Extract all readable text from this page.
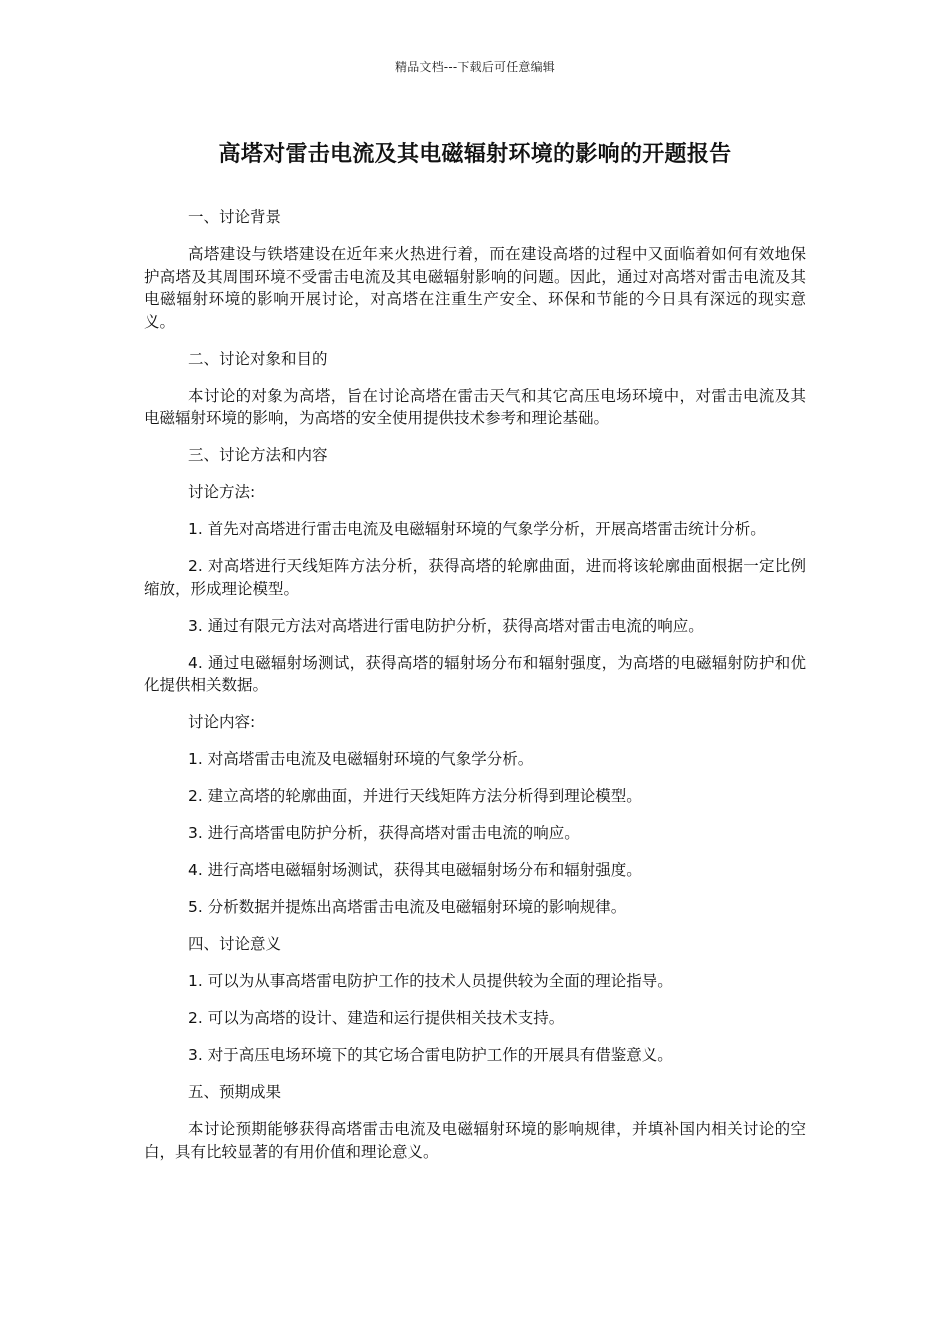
精品文档---下载后可任意编辑
高塔对雷击电流及其电磁辐射环境的影响的开题报告

一、讨论背景

高塔建设与铁塔建设在近年来火热进行着，而在建设高塔的过程中又面临着如何有效地保护高塔及其周围环境不受雷击电流及其电磁辐射影响的问题。因此，通过对高塔对雷击电流及其电磁辐射环境的影响开展讨论，对高塔在注重生产安全、环保和节能的今日具有深远的现实意义。

二、讨论对象和目的

本讨论的对象为高塔，旨在讨论高塔在雷击天气和其它高压电场环境中，对雷击电流及其电磁辐射环境的影响，为高塔的安全使用提供技术参考和理论基础。

三、讨论方法和内容

讨论方法:

1. 首先对高塔进行雷击电流及电磁辐射环境的气象学分析，开展高塔雷击统计分析。

2. 对高塔进行天线矩阵方法分析，获得高塔的轮廓曲面，进而将该轮廓曲面根据一定比例缩放，形成理论模型。

3. 通过有限元方法对高塔进行雷电防护分析，获得高塔对雷击电流的响应。

4. 通过电磁辐射场测试，获得高塔的辐射场分布和辐射强度，为高塔的电磁辐射防护和优化提供相关数据。

讨论内容:

1. 对高塔雷击电流及电磁辐射环境的气象学分析。

2. 建立高塔的轮廓曲面，并进行天线矩阵方法分析得到理论模型。

3. 进行高塔雷电防护分析，获得高塔对雷击电流的响应。

4. 进行高塔电磁辐射场测试，获得其电磁辐射场分布和辐射强度。

5. 分析数据并提炼出高塔雷击电流及电磁辐射环境的影响规律。

四、讨论意义

1. 可以为从事高塔雷电防护工作的技术人员提供较为全面的理论指导。

2. 可以为高塔的设计、建造和运行提供相关技术支持。

3. 对于高压电场环境下的其它场合雷电防护工作的开展具有借鉴意义。

五、预期成果

本讨论预期能够获得高塔雷击电流及电磁辐射环境的影响规律，并填补国内相关讨论的空白，具有比较显著的有用价值和理论意义。
